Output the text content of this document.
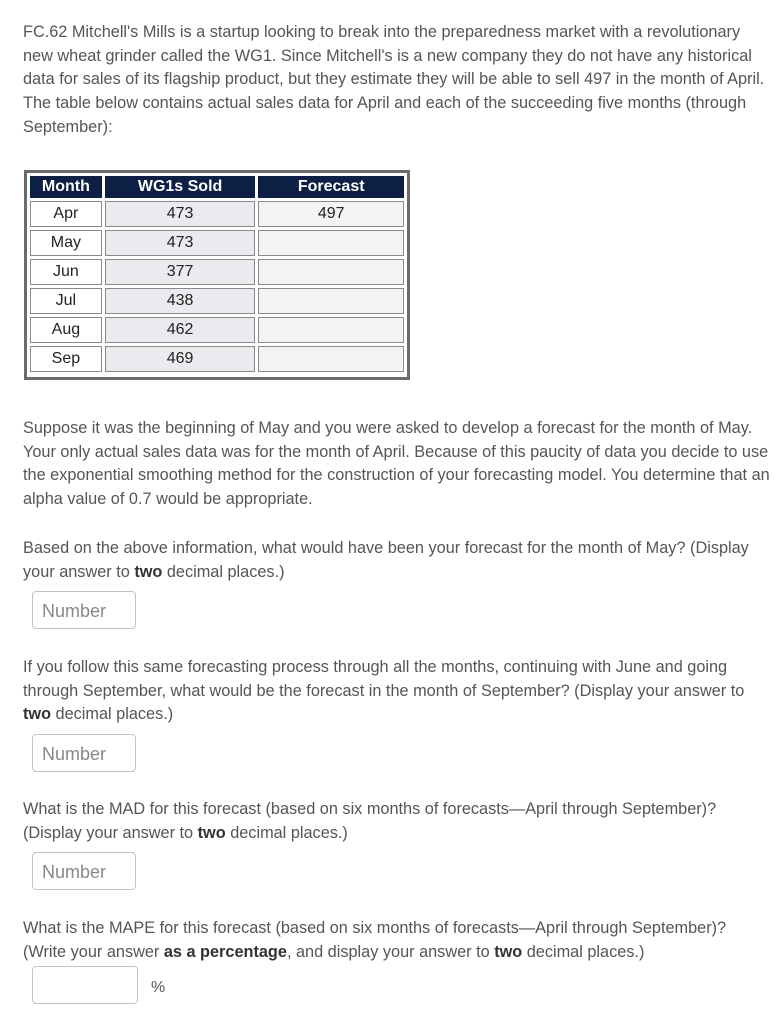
FC.62 Mitchell's Mills is a startup looking to break into the preparedness market with a revolutionary
new wheat grinder called the WG1. Since Mitchell's is a new company they do not have any historical
data for sales of its flagship product, but they estimate they will be able to sell 497 in the month of April.
The table below contains actual sales data for April and each of the succeeding five months (through
September):

Month	WG1s Sold	Forecast
Apr	473	497
May	473	
Jun	377	
Jul	438	
Aug	462	
Sep	469	

Suppose it was the beginning of May and you were asked to develop a forecast for the month of May.
Your only actual sales data was for the month of April. Because of this paucity of data you decide to use
the exponential smoothing method for the construction of your forecasting model. You determine that an
alpha value of 0.7 would be appropriate.

Based on the above information, what would have been your forecast for the month of May? (Display
your answer to two decimal places.)

Number

If you follow this same forecasting process through all the months, continuing with June and going
through September, what would be the forecast in the month of September? (Display your answer to
two decimal places.)

Number

What is the MAD for this forecast (based on six months of forecasts—April through September)?
(Display your answer to two decimal places.)

Number

What is the MAPE for this forecast (based on six months of forecasts—April through September)?
(Write your answer as a percentage, and display your answer to two decimal places.)

%
